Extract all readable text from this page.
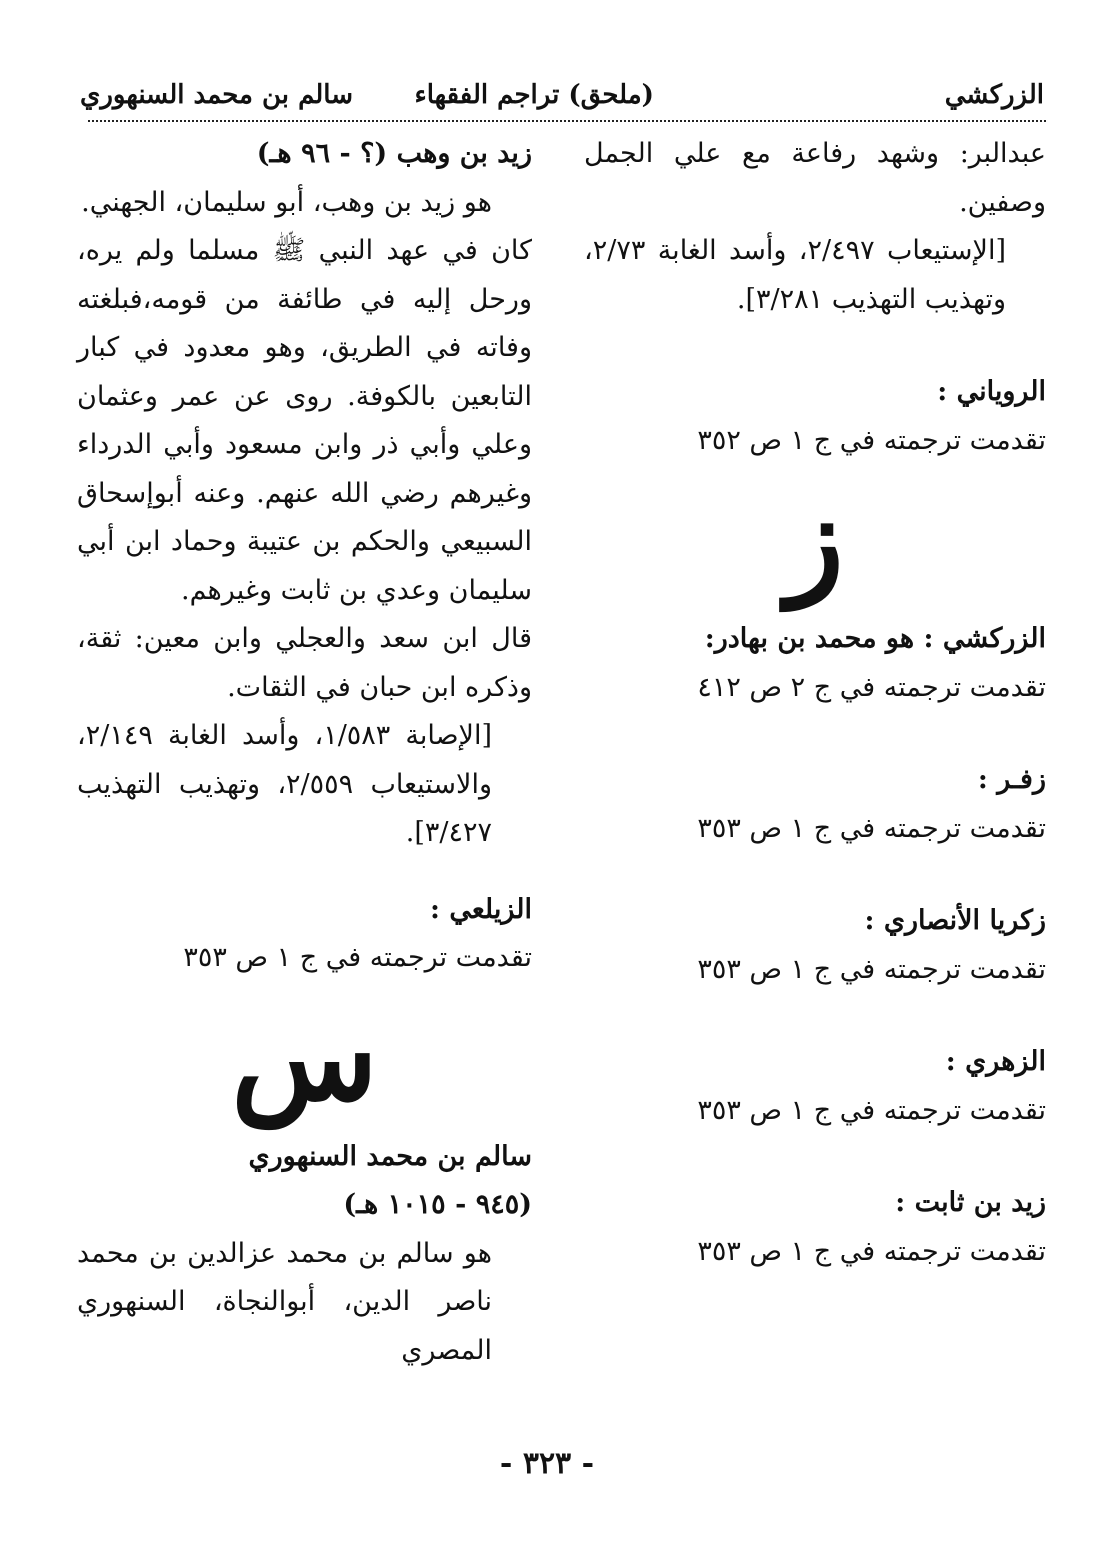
الزركشي
(ملحق) تراجم الفقهاء
سالم بن محمد السنهوري

عبدالبر: وشهد رفاعة مع علي الجمل وصفين.

[الإستيعاب ٢/٤٩٧، وأسد الغابة ٢/٧٣، وتهذيب التهذيب ٣/٢٨١].

الروياني :

تقدمت ترجمته في ج ١ ص ٣٥٢

ز

الزركشي : هو محمد بن بهادر:

تقدمت ترجمته في ج ٢ ص ٤١٢

زفـر :

تقدمت ترجمته في ج ١ ص ٣٥٣

زكريا الأنصاري :

تقدمت ترجمته في ج ١ ص ٣٥٣

الزهري :

تقدمت ترجمته في ج ١ ص ٣٥٣

زيد بن ثابت :

تقدمت ترجمته في ج ١ ص ٣٥٣

زيد بن وهب (؟ - ٩٦ هـ)

هو زيد بن وهب، أبو سليمان، الجهني.

كان في عهد النبي ﷺ مسلما ولم يره، ورحل إليه في طائفة من قومه،فبلغته وفاته في الطريق، وهو معدود في كبار التابعين بالكوفة. روى عن عمر وعثمان وعلي وأبي ذر وابن مسعود وأبي الدرداء وغيرهم رضي الله عنهم. وعنه أبوإسحاق السبيعي والحكم بن عتيبة وحماد ابن أبي سليمان وعدي بن ثابت وغيرهم.

قال ابن سعد والعجلي وابن معين: ثقة، وذكره ابن حبان في الثقات.

[الإصابة ١/٥٨٣، وأسد الغابة ٢/١٤٩، والاستيعاب ٢/٥٥٩، وتهذيب التهذيب ٣/٤٢٧].

الزيلعي :

تقدمت ترجمته في ج ١ ص ٣٥٣

س

سالم بن محمد السنهوري

(٩٤٥ - ١٠١٥ هـ)

هو سالم بن محمد عزالدين بن محمد ناصر الدين، أبوالنجاة، السنهوري المصري

- ٣٢٣ -
